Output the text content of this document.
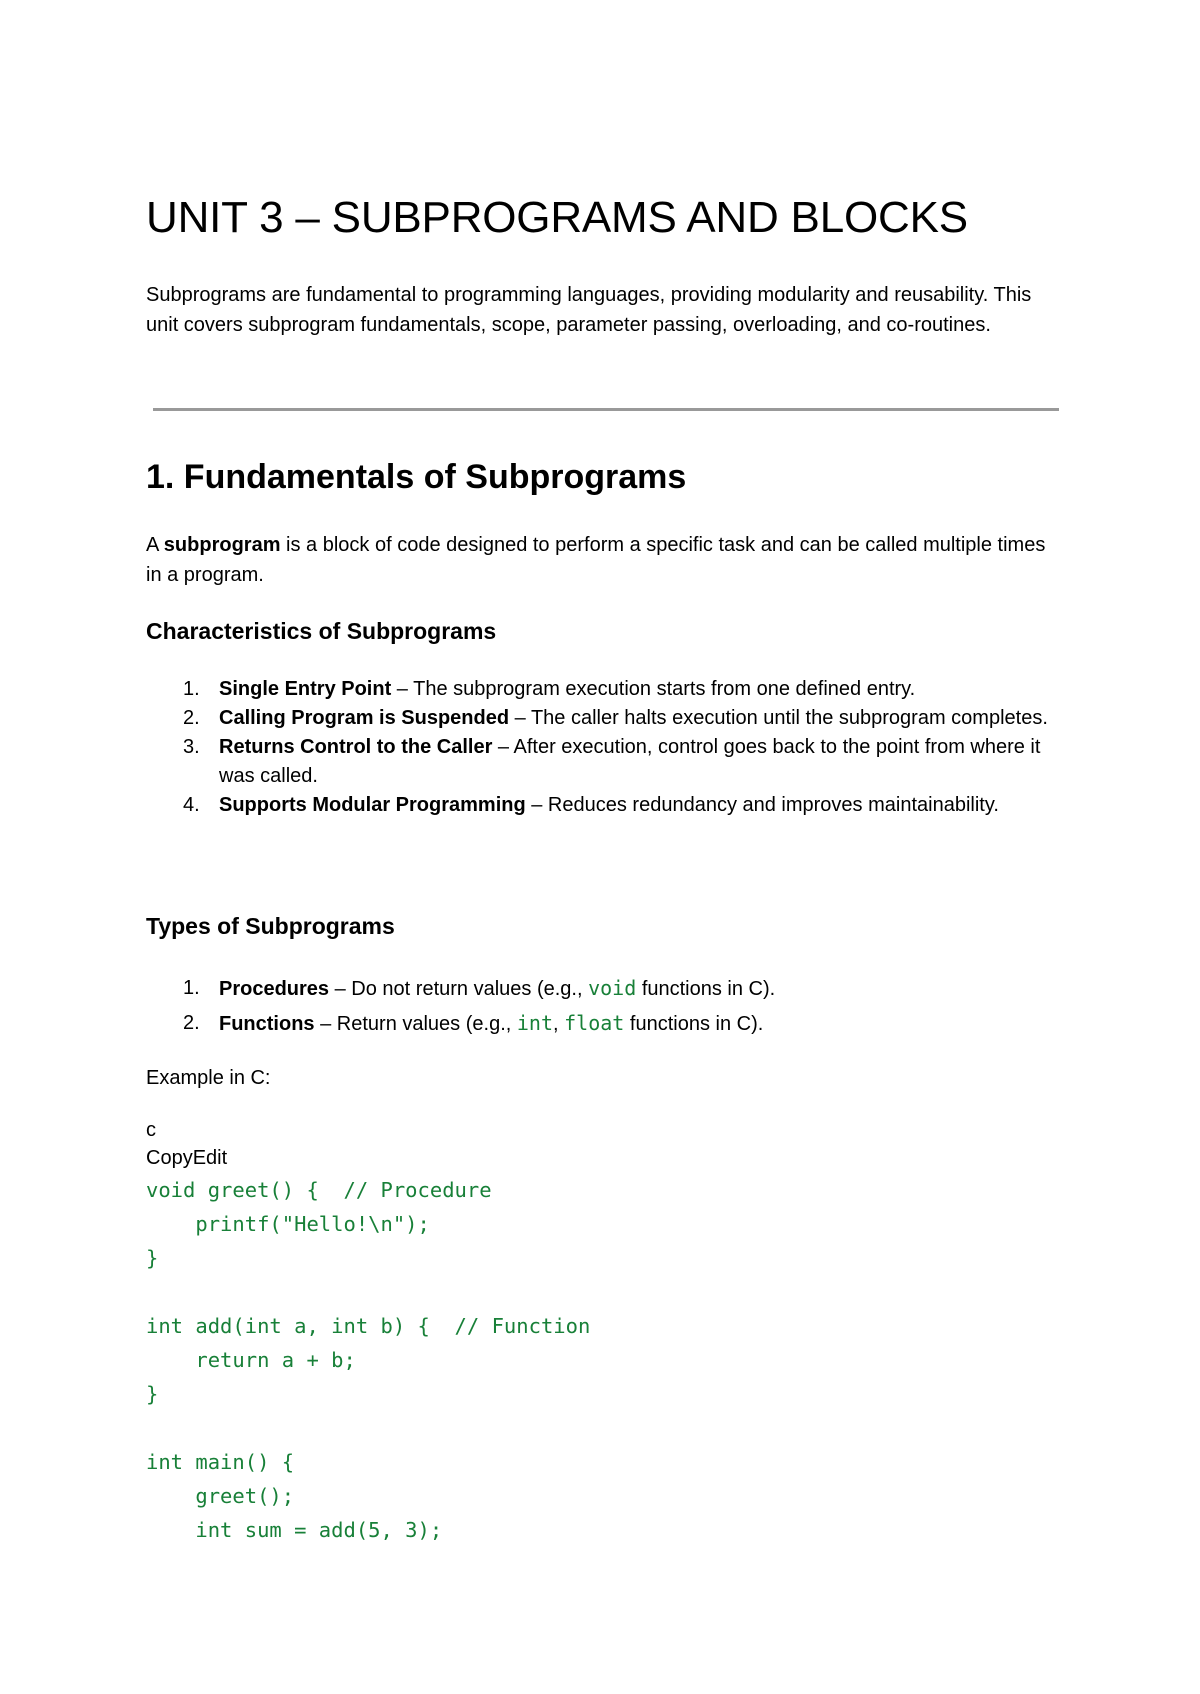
UNIT 3 – SUBPROGRAMS AND BLOCKS

Subprograms are fundamental to programming languages, providing modularity and reusability. This unit covers subprogram fundamentals, scope, parameter passing, overloading, and co-routines.

1. Fundamentals of Subprograms

A subprogram is a block of code designed to perform a specific task and can be called multiple times in a program.

Characteristics of Subprograms
1. Single Entry Point – The subprogram execution starts from one defined entry.
2. Calling Program is Suspended – The caller halts execution until the subprogram completes.
3. Returns Control to the Caller – After execution, control goes back to the point from where it was called.
4. Supports Modular Programming – Reduces redundancy and improves maintainability.
Types of Subprograms
1. Procedures – Do not return values (e.g., void functions in C).
2. Functions – Return values (e.g., int, float functions in C).

Example in C:

c

CopyEdit

void greet() {  // Procedure
printf("Hello!\n");
}
int add(int a, int b) {  // Function
return a + b;
}
int main() {
greet();
int sum = add(5, 3);
